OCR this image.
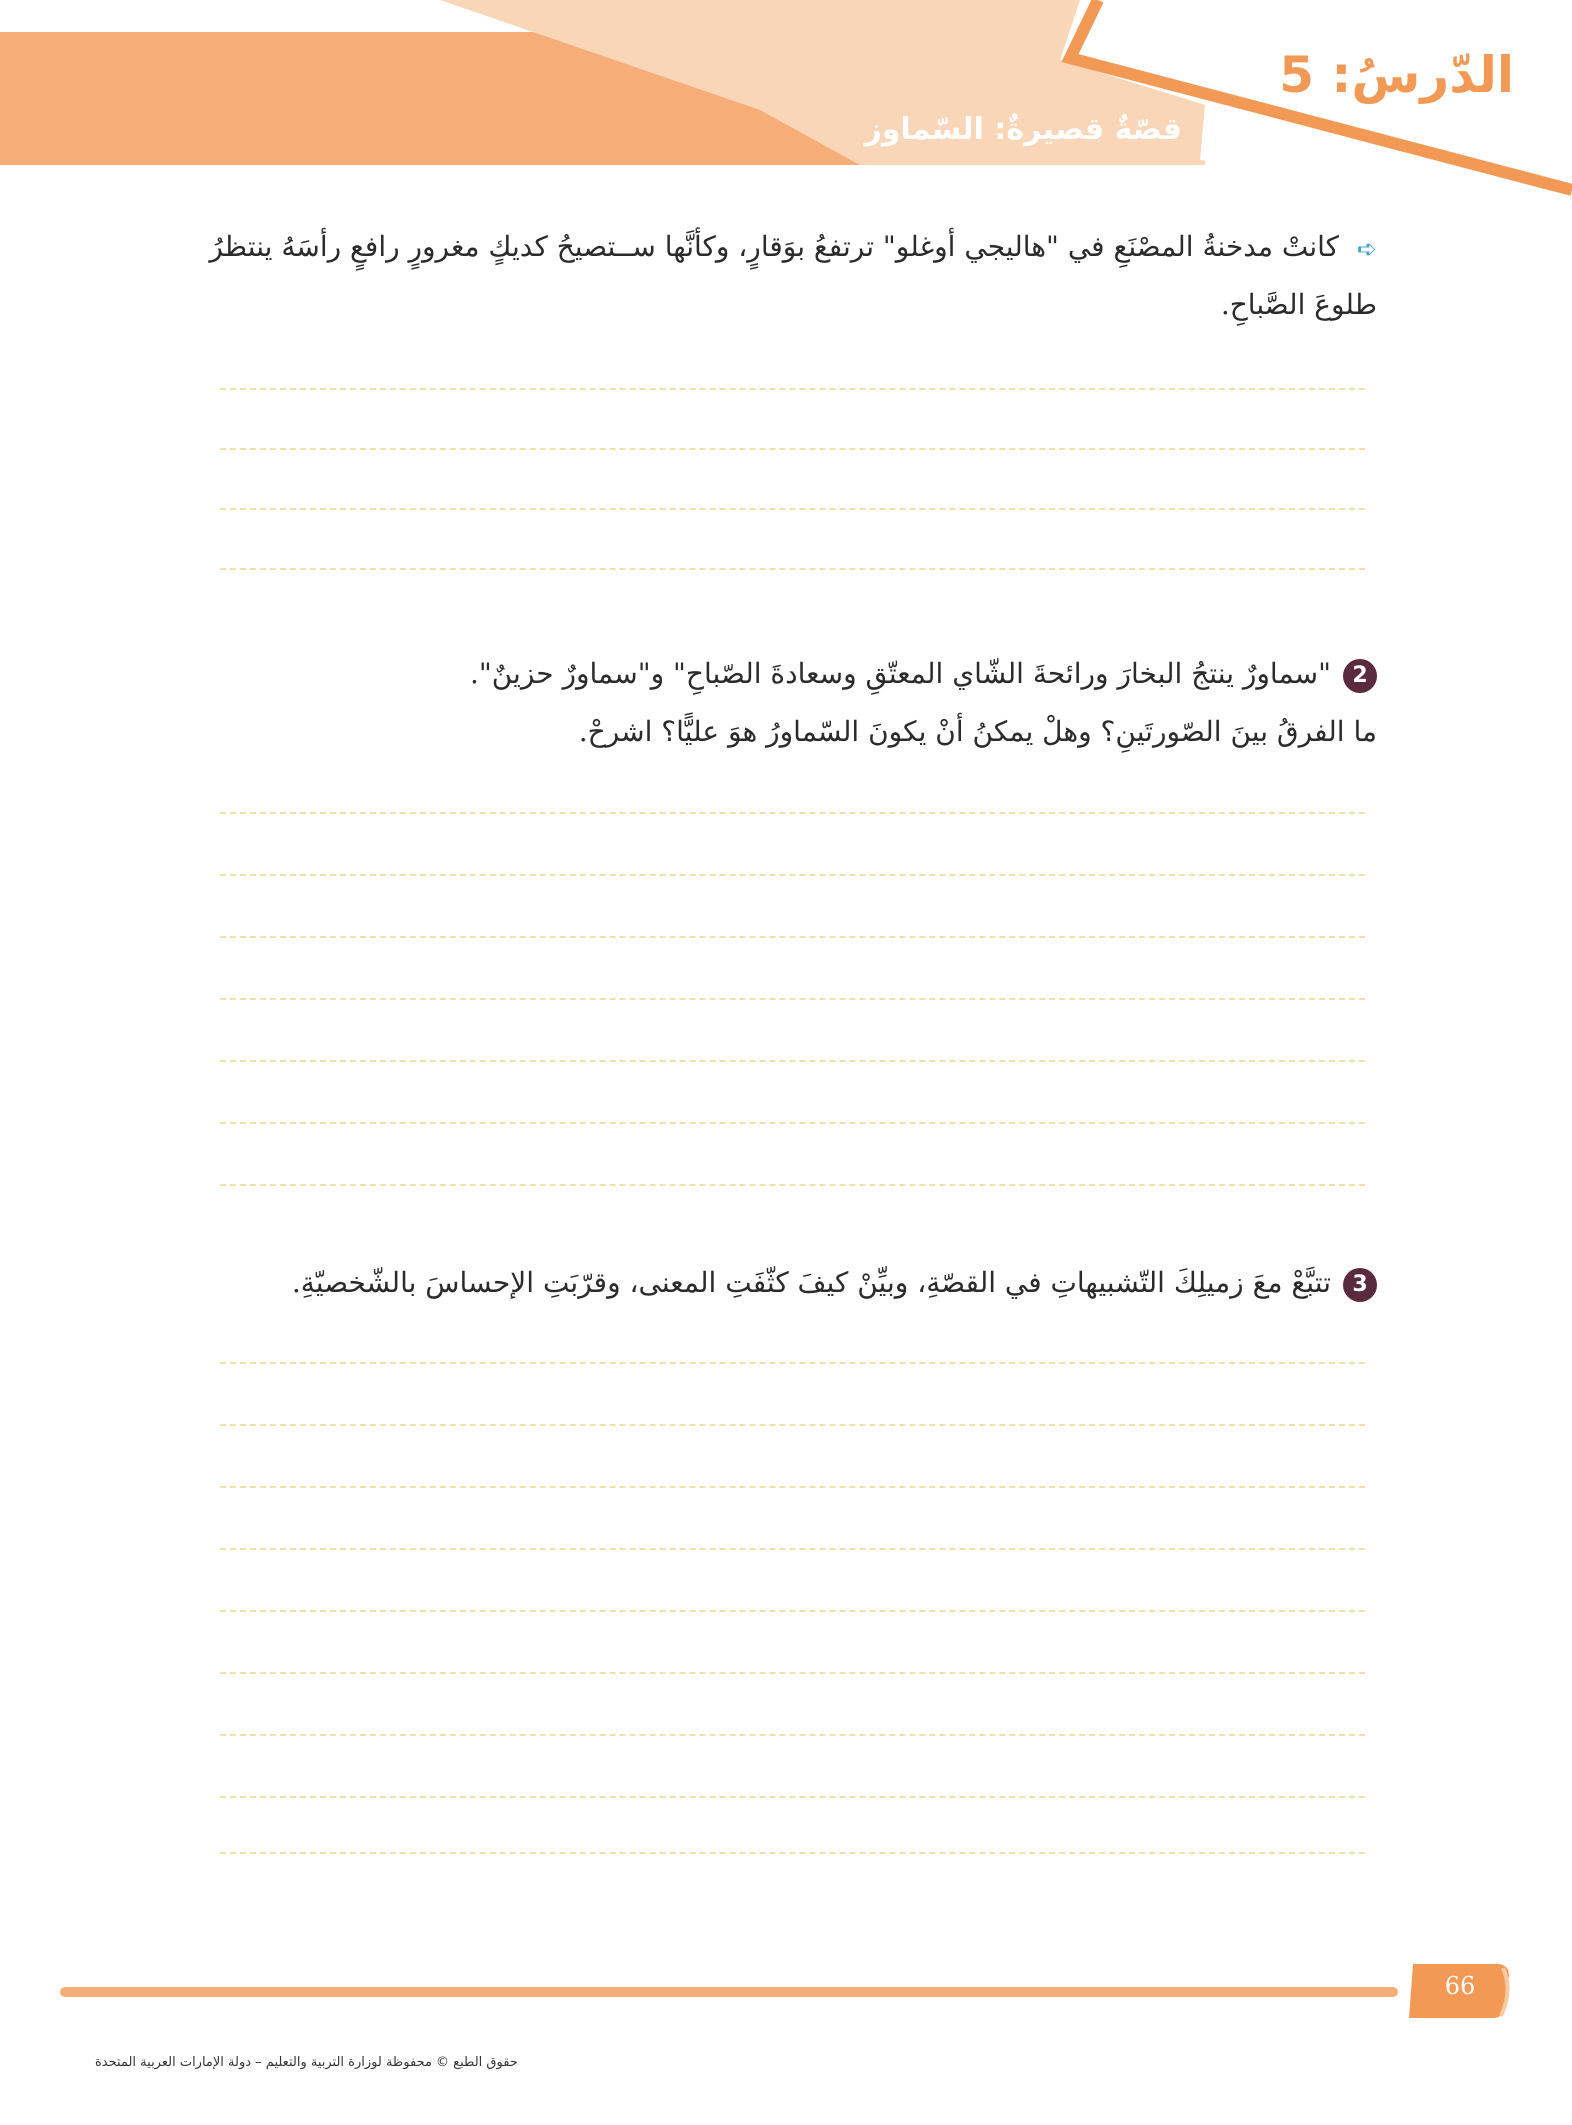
الدّرسُ: 5
قصّةٌ قصيرةٌ: السّماوز
➪كانتْ مدخنةُ المصْنَعِ في "هاليجي أوغلو" ترتفعُ بوَقارٍ، وكأنَّها ســتصيحُ كديكٍ مغرورٍ رافعٍ رأسَهُ ينتظرُ
طلوعَ الصَّباحِ.
2"سماورٌ ينتجُ البخارَ ورائحةَ الشّاي المعتّقِ وسعادةَ الصّباحِ" و"سماورٌ حزينٌ".
ما الفرقُ بينَ الصّورتَينِ؟ وهلْ يمكنُ أنْ يكونَ السّماورُ هوَ عليًّا؟ اشرحْ.
3تتبَّعْ معَ زميلِكَ التّشبيهاتِ في القصّةِ، وبيِّنْ كيفَ كثّفَتِ المعنى، وقرّبَتِ الإحساسَ بالشّخصيّةِ.
66
حقوق الطبع © محفوظة لوزارة التربية والتعليم – دولة الإمارات العربية المتحدة
